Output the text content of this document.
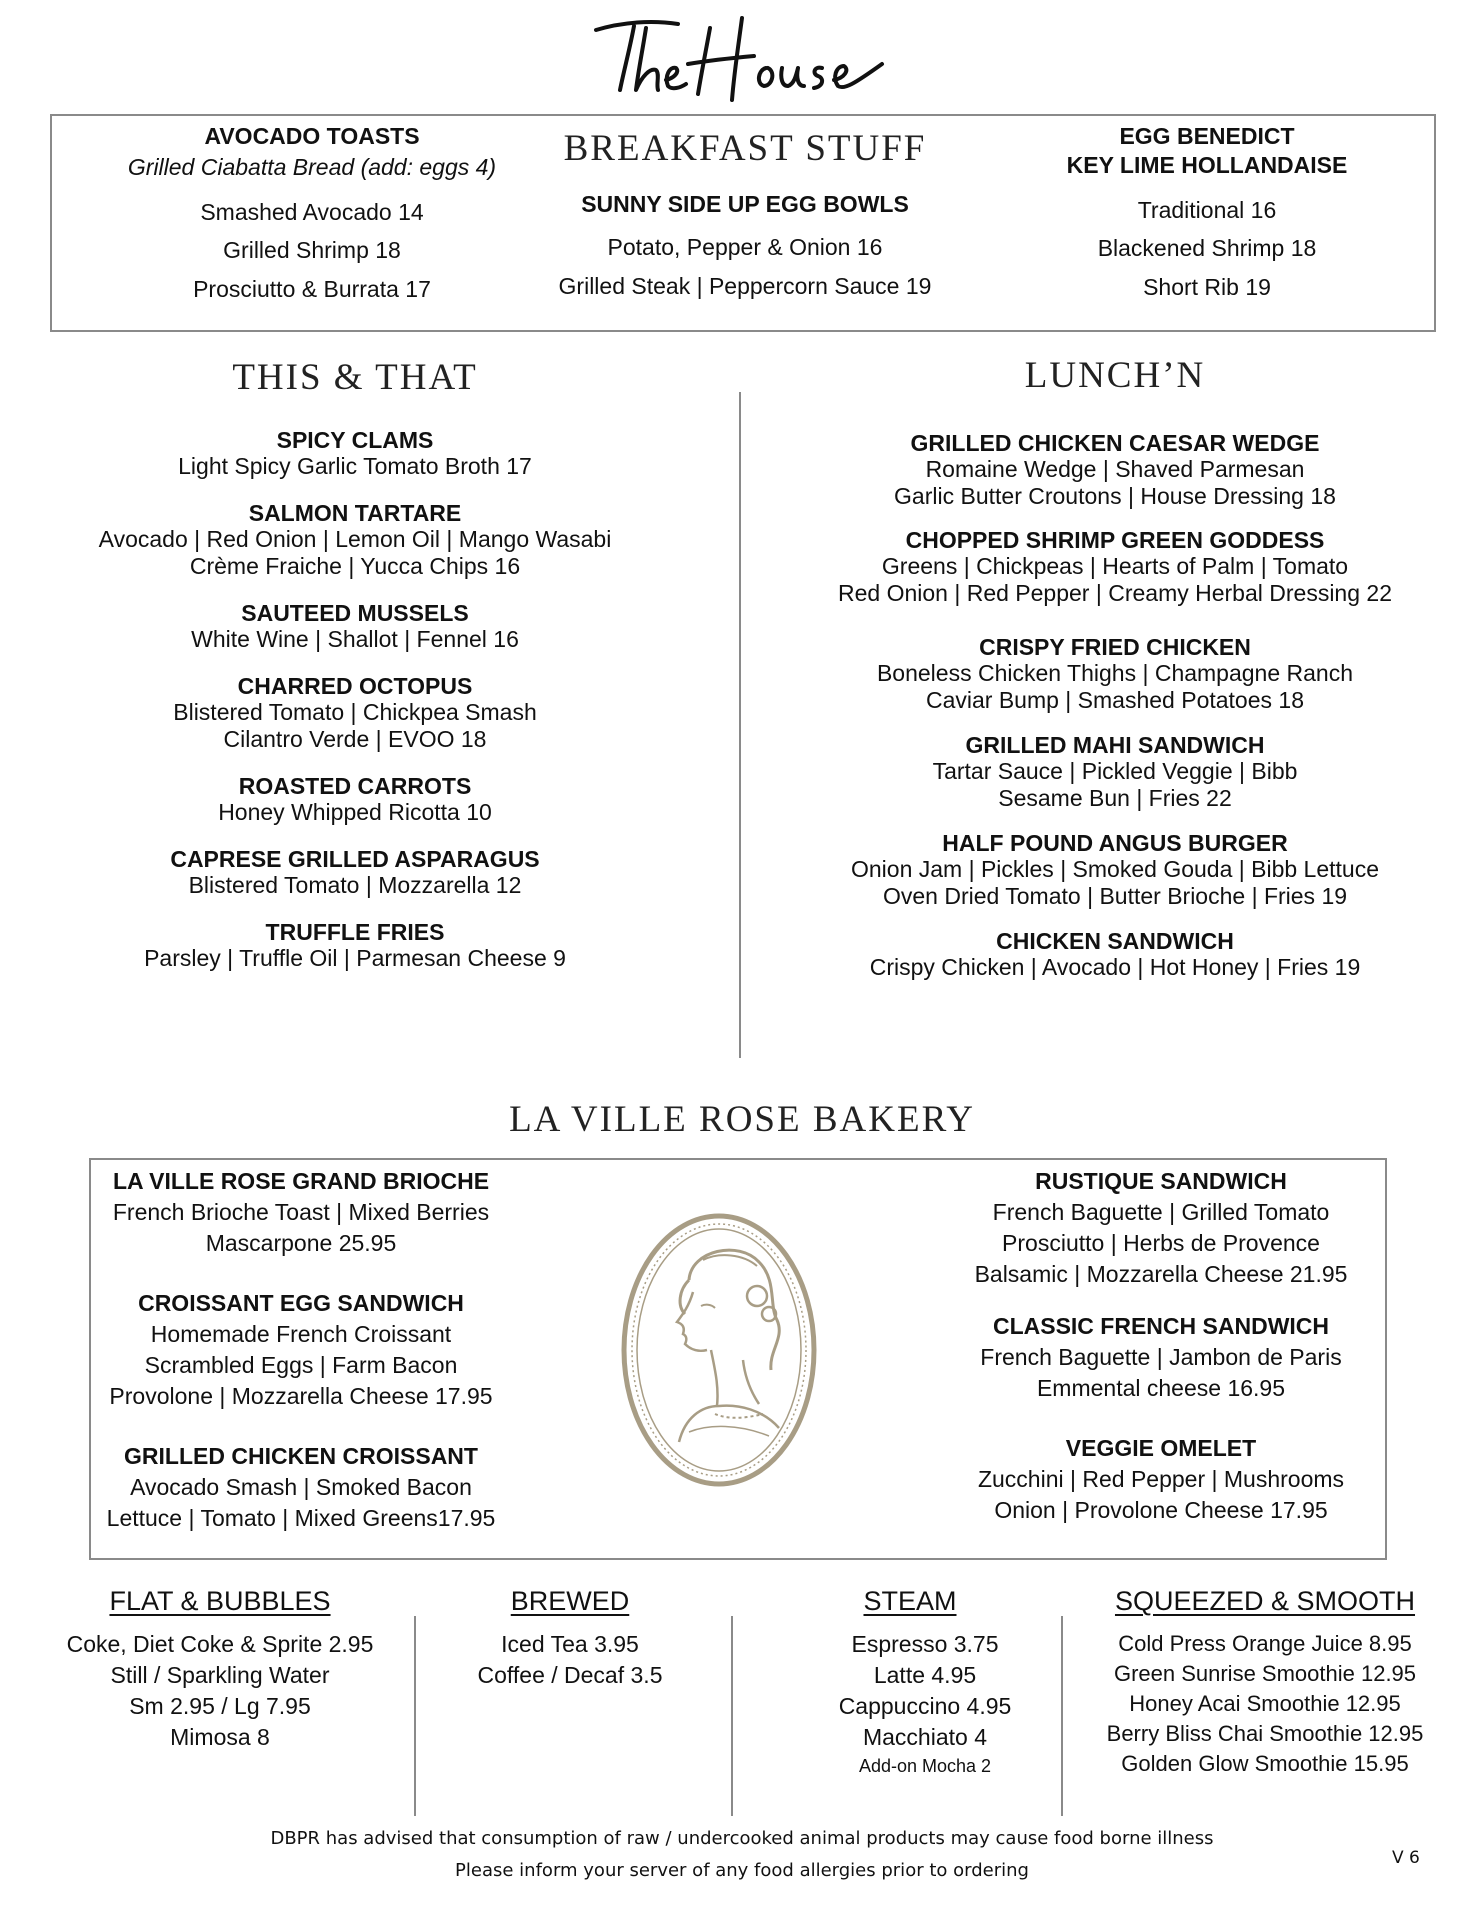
AVOCADO TOASTS
Grilled Ciabatta Bread (add: eggs 4)
Smashed Avocado 14
Grilled Shrimp 18
Prosciutto & Burrata 17
BREAKFAST STUFF
SUNNY SIDE UP EGG BOWLS
Potato, Pepper & Onion 16
Grilled Steak | Peppercorn Sauce 19
EGG BENEDICT
KEY LIME HOLLANDAISE
Traditional 16
Blackened Shrimp 18
Short Rib 19
THIS & THAT
SPICY CLAMS
Light Spicy Garlic Tomato Broth 17
SALMON TARTARE
Avocado | Red Onion | Lemon Oil | Mango Wasabi
Crème Fraiche | Yucca Chips 16
SAUTEED MUSSELS
White Wine | Shallot | Fennel 16
CHARRED OCTOPUS
Blistered Tomato | Chickpea Smash
Cilantro Verde | EVOO 18
ROASTED CARROTS
Honey Whipped Ricotta 10
CAPRESE GRILLED ASPARAGUS
Blistered Tomato | Mozzarella 12
TRUFFLE FRIES
Parsley | Truffle Oil | Parmesan Cheese 9
LUNCH’N
GRILLED CHICKEN CAESAR WEDGE
Romaine Wedge | Shaved Parmesan
Garlic Butter Croutons | House Dressing 18
CHOPPED SHRIMP GREEN GODDESS
Greens | Chickpeas | Hearts of Palm | Tomato
Red Onion | Red Pepper | Creamy Herbal Dressing 22
CRISPY FRIED CHICKEN
Boneless Chicken Thighs | Champagne Ranch
Caviar Bump | Smashed Potatoes 18
GRILLED MAHI SANDWICH
Tartar Sauce | Pickled Veggie | Bibb
Sesame Bun | Fries 22
HALF POUND ANGUS BURGER
Onion Jam | Pickles | Smoked Gouda | Bibb Lettuce
Oven Dried Tomato | Butter Brioche | Fries 19
CHICKEN SANDWICH
Crispy Chicken | Avocado | Hot Honey | Fries 19
LA VILLE ROSE BAKERY
LA VILLE ROSE GRAND BRIOCHE
French Brioche Toast | Mixed Berries
Mascarpone 25.95
CROISSANT EGG SANDWICH
Homemade French Croissant
Scrambled Eggs | Farm Bacon
Provolone | Mozzarella Cheese 17.95
GRILLED CHICKEN CROISSANT
Avocado Smash | Smoked Bacon
Lettuce | Tomato | Mixed Greens17.95
RUSTIQUE SANDWICH
French Baguette | Grilled Tomato
Prosciutto | Herbs de Provence
Balsamic | Mozzarella Cheese 21.95
CLASSIC FRENCH SANDWICH
French Baguette | Jambon de Paris
Emmental cheese 16.95
VEGGIE OMELET
Zucchini | Red Pepper | Mushrooms
Onion | Provolone Cheese 17.95
FLAT & BUBBLES
Coke, Diet Coke & Sprite 2.95
Still / Sparkling Water
Sm 2.95 / Lg 7.95
Mimosa 8
BREWED
Iced Tea 3.95
Coffee / Decaf 3.5
STEAM
Espresso 3.75
Latte 4.95
Cappuccino 4.95
Macchiato 4
Add-on Mocha 2
SQUEEZED & SMOOTH
Cold Press Orange Juice 8.95
Green Sunrise Smoothie 12.95
Honey Acai Smoothie 12.95
Berry Bliss Chai Smoothie 12.95
Golden Glow Smoothie 15.95
DBPR has advised that consumption of raw / undercooked animal products may cause food borne illness
Please inform your server of any food allergies prior to ordering
V 6
